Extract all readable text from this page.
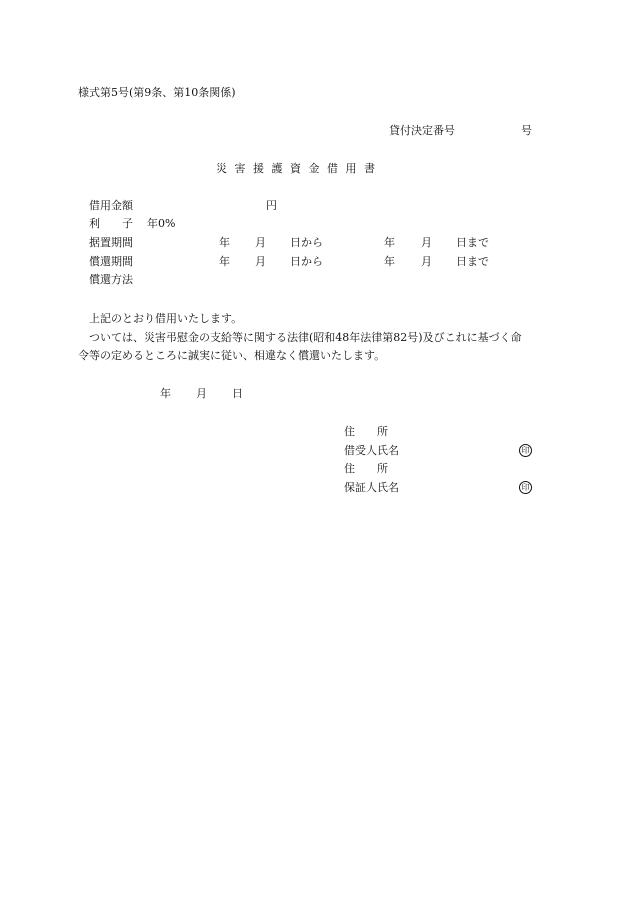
様式第5号(第9条、第10条関係)
貸付決定番号	号
災 害 援 護 資 金 借 用 書
借用金額	円
利　　子 年0%
据置期間	年 月 日から	年 月 日まで
償還期間	年 月 日から	年 月 日まで
償還方法
上記のとおり借用いたします。
ついては、災害弔慰金の支給等に関する法律(昭和48年法律第82号)及びこれに基づく命
令等の定めるところに誠実に従い、相違なく償還いたします。
年 月 日
住　　所
借受人氏名	印
住　　所
保証人氏名	印
